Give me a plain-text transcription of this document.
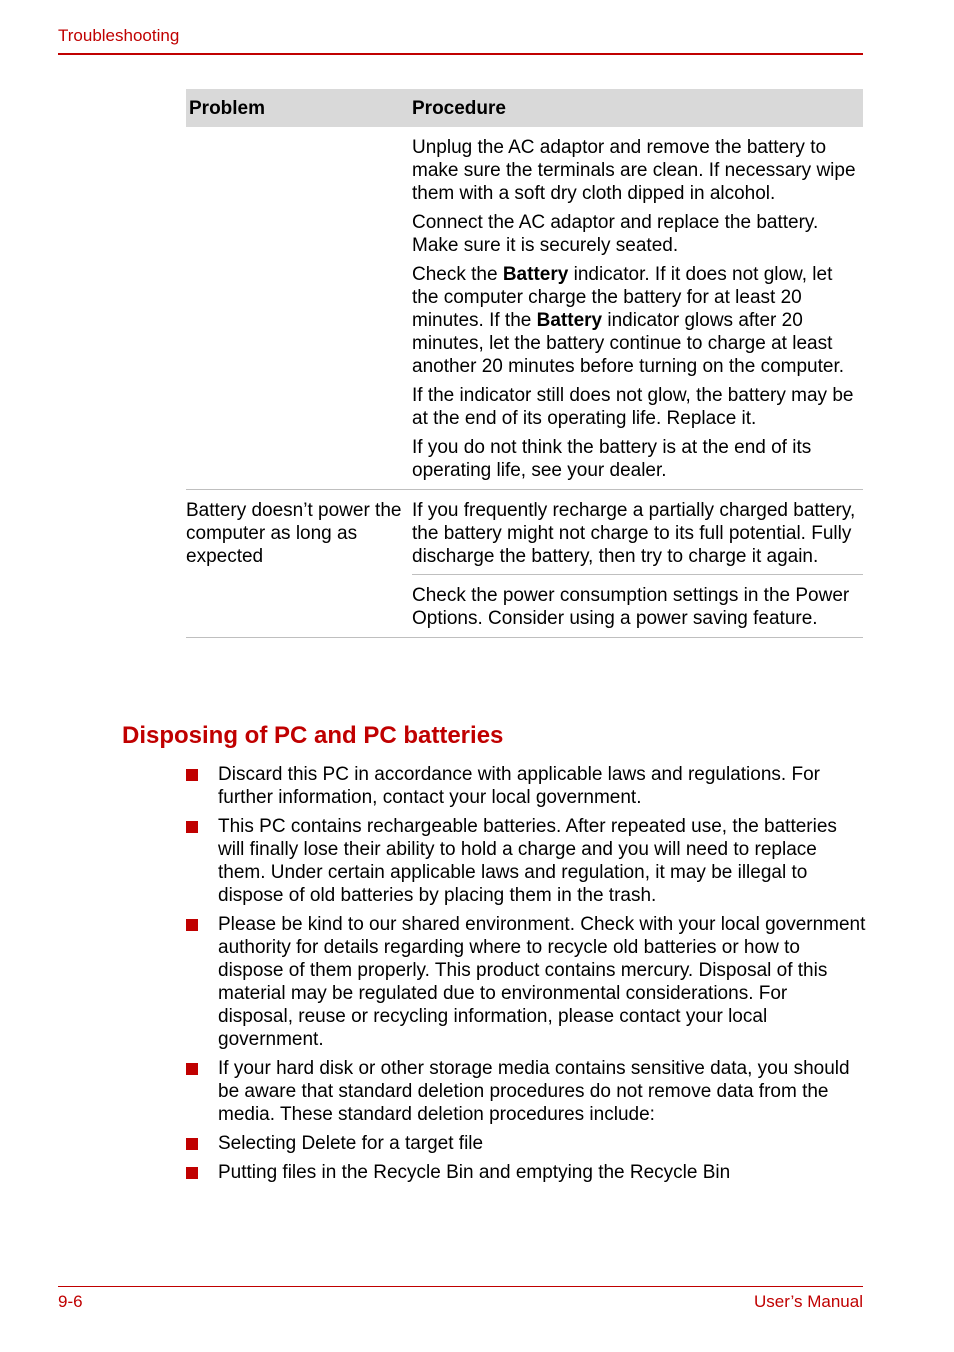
Troubleshooting
Problem	Procedure

Unplug the AC adaptor and remove the battery to make sure the terminals are clean. If necessary wipe them with a soft dry cloth dipped in alcohol.

Connect the AC adaptor and replace the battery. Make sure it is securely seated.

Check the Battery indicator. If it does not glow, let the computer charge the battery for at least 20 minutes. If the Battery indicator glows after 20 minutes, let the battery continue to charge at least another 20 minutes before turning on the computer.

If the indicator still does not glow, the battery may be at the end of its operating life. Replace it.

If you do not think the battery is at the end of its operating life, see your dealer.

Battery doesn’t power the computer as long as expected

If you frequently recharge a partially charged battery, the battery might not charge to its full potential. Fully discharge the battery, then try to charge it again.

Check the power consumption settings in the Power Options. Consider using a power saving feature.

Disposing of PC and PC batteries
Discard this PC in accordance with applicable laws and regulations. For further information, contact your local government.
This PC contains rechargeable batteries. After repeated use, the batteries will finally lose their ability to hold a charge and you will need to replace them. Under certain applicable laws and regulation, it may be illegal to dispose of old batteries by placing them in the trash.
Please be kind to our shared environment. Check with your local government authority for details regarding where to recycle old batteries or how to dispose of them properly. This product contains mercury. Disposal of this material may be regulated due to environmental considerations. For disposal, reuse or recycling information, please contact your local government.
If your hard disk or other storage media contains sensitive data, you should be aware that standard deletion procedures do not remove data from the media. These standard deletion procedures include:
Selecting Delete for a target file
Putting files in the Recycle Bin and emptying the Recycle Bin
9-6	User’s Manual
